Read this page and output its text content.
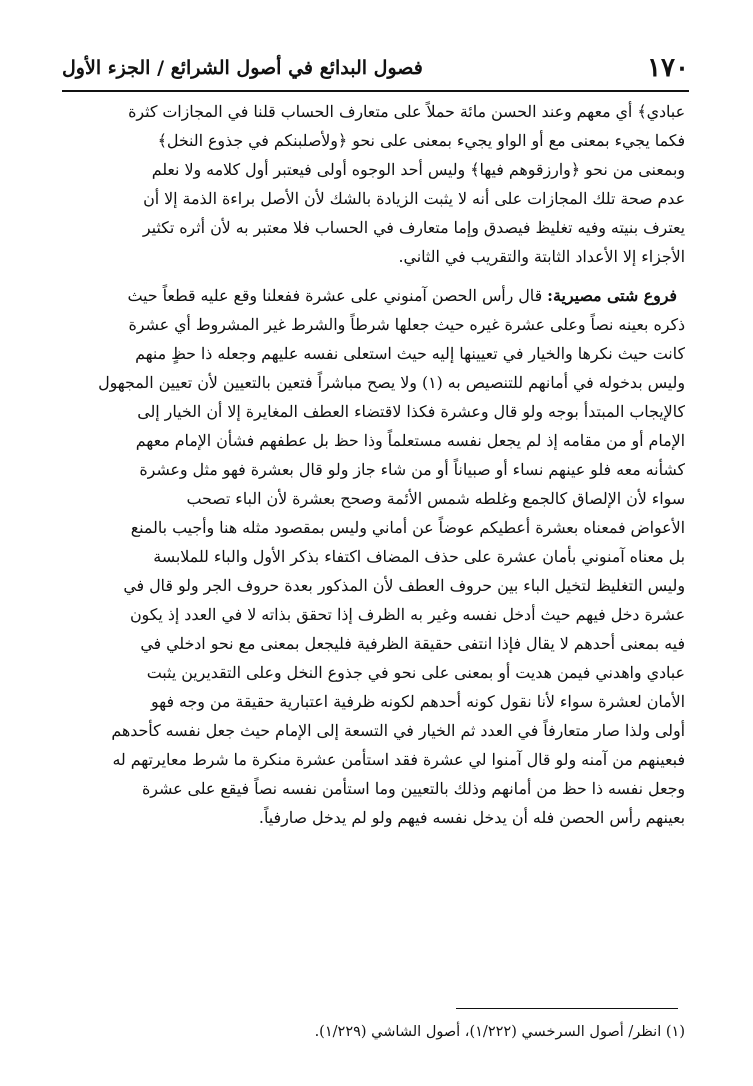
١٧٠
فصول البدائع في أصول الشرائع / الجزء الأول
عبادي﴾ أي معهم وعند الحسن مائة حملاً على متعارف الحساب قلنا في المجازات كثرة
فكما يجيء بمعنى مع أو الواو يجيء بمعنى على نحو ﴿ولأصلبنكم في جذوع النخل﴾
وبمعنى من نحو ﴿وارزقوهم فيها﴾ وليس أحد الوجوه أولى فيعتبر أول كلامه ولا نعلم
عدم صحة تلك المجازات على أنه لا يثبت الزيادة بالشك لأن الأصل براءة الذمة إلا أن
يعترف بنيته وفيه تغليظ فيصدق وإما متعارف في الحساب فلا معتبر به لأن أثره تكثير
الأجزاء إلا الأعداد الثابتة والتقريب في الثاني.
فروع شتى مصيرية: قال رأس الحصن آمنوني على عشرة ففعلنا وقع عليه قطعاً حيث
ذكره بعينه نصاً وعلى عشرة غيره حيث جعلها شرطاً والشرط غير المشروط أي عشرة
كانت حيث نكرها والخيار في تعيينها إليه حيث استعلى نفسه عليهم وجعله ذا حظٍ منهم
وليس بدخوله في أمانهم للتنصيص به (١) ولا يصح مباشراً فتعين بالتعيين لأن تعيين المجهول
كالإيجاب المبتدأ بوجه ولو قال وعشرة فكذا لاقتضاء العطف المغايرة إلا أن الخيار إلى
الإمام أو من مقامه إذ لم يجعل نفسه مستعلماً وذا حظ بل عطفهم فشأن الإمام معهم
كشأنه معه فلو عينهم نساء أو صبياناً أو من شاء جاز ولو قال بعشرة فهو مثل وعشرة
سواء لأن الإلصاق كالجمع وغلطه شمس الأئمة وصحح بعشرة لأن الباء تصحب
الأعواض فمعناه بعشرة أعطيكم عوضاً عن أماني وليس بمقصود مثله هنا وأجيب بالمنع
بل معناه آمنوني بأمان عشرة على حذف المضاف اكتفاء بذكر الأول والباء للملابسة
وليس التغليظ لتخيل الباء بين حروف العطف لأن المذكور بعدة حروف الجر ولو قال في
عشرة دخل فيهم حيث أدخل نفسه وغير به الظرف إذا تحقق بذاته لا في العدد إذ يكون
فيه بمعنى أحدهم لا يقال فإذا انتفى حقيقة الظرفية فليجعل بمعنى مع نحو ادخلي في
عبادي واهدني فيمن هديت أو بمعنى على نحو في جذوع النخل وعلى التقديرين يثبت
الأمان لعشرة سواء لأنا نقول كونه أحدهم لكونه ظرفية اعتبارية حقيقة من وجه فهو
أولى ولذا صار متعارفاً في العدد ثم الخيار في التسعة إلى الإمام حيث جعل نفسه كأحدهم
فبعينهم من آمنه ولو قال آمنوا لي عشرة فقد استأمن عشرة منكرة ما شرط معايرتهم له
وجعل نفسه ذا حظ من أمانهم وذلك بالتعيين وما استأمن نفسه نصاً فيقع على عشرة
بعينهم رأس الحصن فله أن يدخل نفسه فيهم ولو لم يدخل صارفياً.
(١) انظر/ أصول السرخسي (١/٢٢٢)، أصول الشاشي (١/٢٢٩).
